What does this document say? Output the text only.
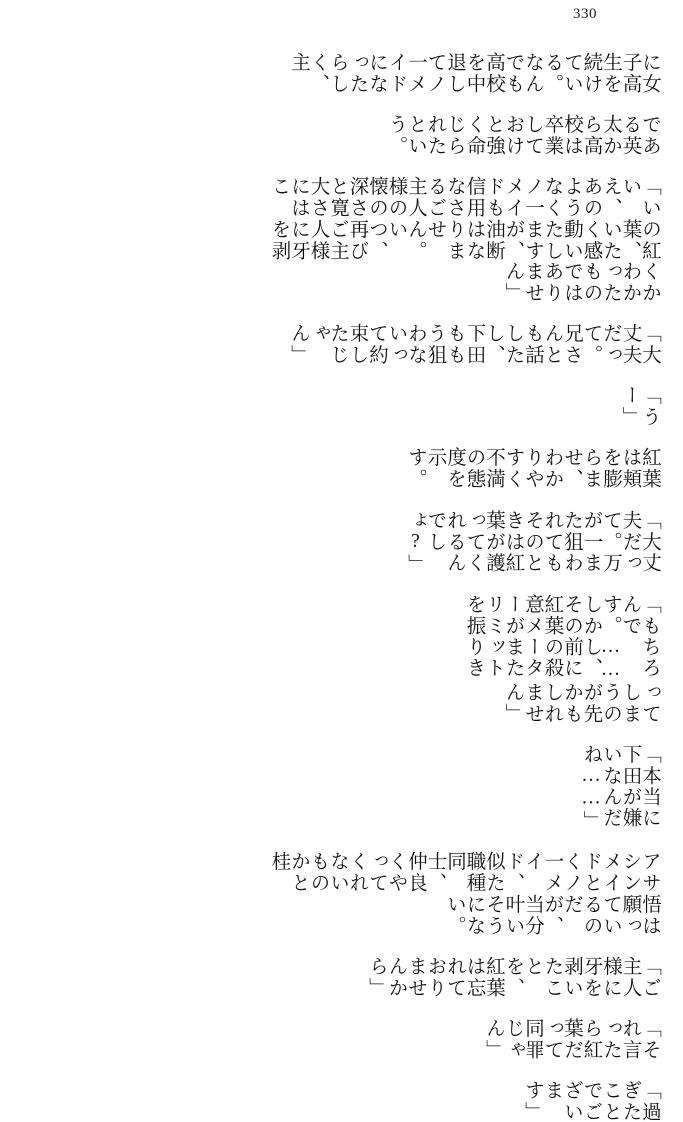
330

に女子高生を続けている。なんでも高校を中退してノ一メイドになったらしく、主

である英太から高校は卒業しておけと強く命じられたという。

「いいえ、あのようなくノ一メイドも信用なさるご主人様の懐の深さと寛大さにはこ

の紅葉、いたく感動いたしますが、油断はなりません。いつ、再びご主人様に牙を剥

くかわかったものではありません」

「大丈夫だって。 兄さんとも話したし、下田ももう狙わないって約束したじゃん」

「うー」

紅葉は頬を膨らませ、わかりやすく不満の態度を示す。

「大丈夫だって。万が一また狙われてもそのときは紅葉が護ってくれるんでしょ?」

「もちろんです。……しかし、その前に紅葉の殺意メーターがまたリミットを振りき

ってしまうのが先かもしれません」

「本当に下田が嫌いなんだね……」

アサシンメイドとくノ一メイド、似た職種同士、仲良くやってくれないものかと桂

悟は願っているのだが、当分叶いそうにない。

「ご主人様に牙を剥いたことを、紅葉は忘れておりませんから」

「それ言ったら紅葉だって同罪じゃん」

「過ぎたことでございます」
